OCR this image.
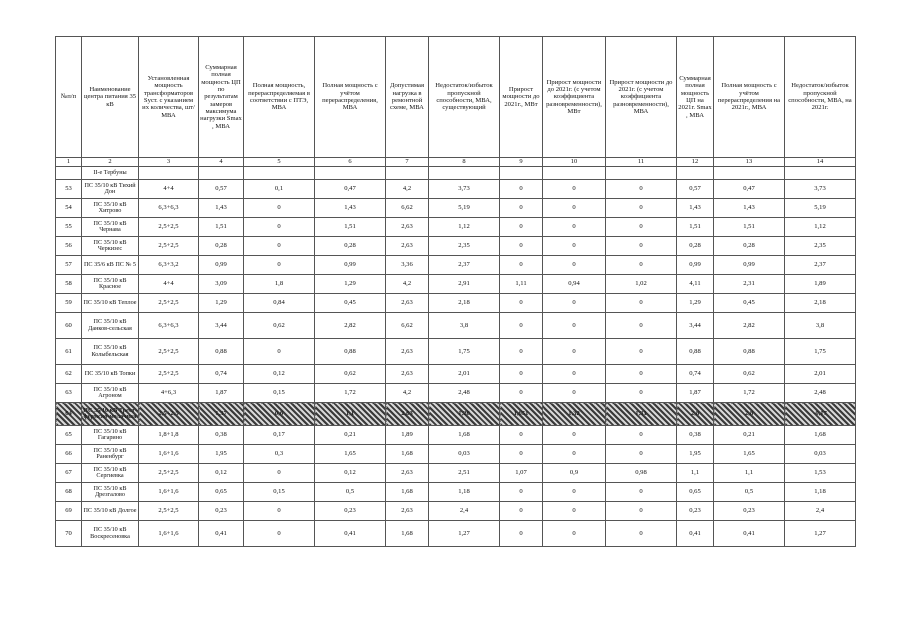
№п/п	Наименование центра питания 35 кВ	Установленная мощность трансформаторов Sуст. с указанием их количества, шт/ МВА	Суммарная полная мощность ЦП по результатам замеров максимума нагрузки Smax , МВА	Полная мощность, перераспределяемая в соответствии с ПТЭ, МВА	Полная мощность с учётом перераспределения, МВА	Допустимая нагрузка в ремонтной схеме, МВА	Недостаток/избыток пропускной способности, МВА, существующий	Прирост мощности до 2021г., МВт	Прирост мощности до 2021г. (с учетом коэффициента разновременности), МВт	Прирост мощности до 2021г. (с учетом коэффициента разновременности), МВА	Суммарная полная мощность ЦП на 2021г. Smax , МВА	Полная мощность с учётом перераспределения на 2021г., МВА	Недостаток/избыток пропускной способности, МВА, на 2021г.
1	2	3	4	5	6	7	8	9	10	11	12	13	14
	II-е Тербуны												
53	ПС 35/10 кВ Тихий Дон	4+4	0,57	0,1	0,47	4,2	3,73	0	0	0	0,57	0,47	3,73
54	ПС 35/10 кВ Хитрово	6,3+6,3	1,43	0	1,43	6,62	5,19	0	0	0	1,43	1,43	5,19
55	ПС 35/10 кВ Чернава	2,5+2,5	1,51	0	1,51	2,63	1,12	0	0	0	1,51	1,51	1,12
56	ПС 35/10 кВ Черкизес	2,5+2,5	0,28	0	0,28	2,63	2,35	0	0	0	0,28	0,28	2,35
57	ПС 35/6 кВ ПС № 5	6,3+3,2	0,99	0	0,99	3,36	2,37	0	0	0	0,99	0,99	2,37
58	ПС 35/10 кВ Красное	4+4	3,09	1,8	1,29	4,2	2,91	1,11	0,94	1,02	4,11	2,31	1,89
59	ПС 35/10 кВ Теплое	2,5+2,5	1,29	0,84	0,45	2,63	2,18	0	0	0	1,29	0,45	2,18
60	ПС 35/10 кВ Данков-сельская	6,3+6,3	3,44	0,62	2,82	6,62	3,8	0	0	0	3,44	2,82	3,8
61	ПС 35/10 кВ Колыбельская	2,5+2,5	0,88	0	0,88	2,63	1,75	0	0	0	0,88	0,88	1,75
62	ПС 35/10 кВ Топки	2,5+2,5	0,74	0,12	0,62	2,63	2,01	0	0	0	0,74	0,62	2,01
63	ПС 35/10 кВ Агроном	4+6,3	1,87	0,15	1,72	4,2	2,48	0	0	0	1,87	1,72	2,48
64	ПС 35/10 кВ Трест-фермско-молочная	2,5+2,5	1,37	0,6	1,1	2,63	1,26	1,651	1,32	1,31	2,8	2,8	-0,17
65	ПС 35/10 кВ Гагарино	1,8+1,8	0,38	0,17	0,21	1,89	1,68	0	0	0	0,38	0,21	1,68
66	ПС 35/10 кВ Раненбург	1,6+1,6	1,95	0,3	1,65	1,68	0,03	0	0	0	1,95	1,65	0,03
67	ПС 35/10 кВ Сергиевка	2,5+2,5	0,12	0	0,12	2,63	2,51	1,07	0,9	0,98	1,1	1,1	1,53
68	ПС 35/10 кВ Дрезгалово	1,6+1,6	0,65	0,15	0,5	1,68	1,18	0	0	0	0,65	0,5	1,18
69	ПС 35/10 кВ Долгое	2,5+2,5	0,23	0	0,23	2,63	2,4	0	0	0	0,23	0,23	2,4
70	ПС 35/10 кВ Воскресеновка	1,6+1,6	0,41	0	0,41	1,68	1,27	0	0	0	0,41	0,41	1,27
